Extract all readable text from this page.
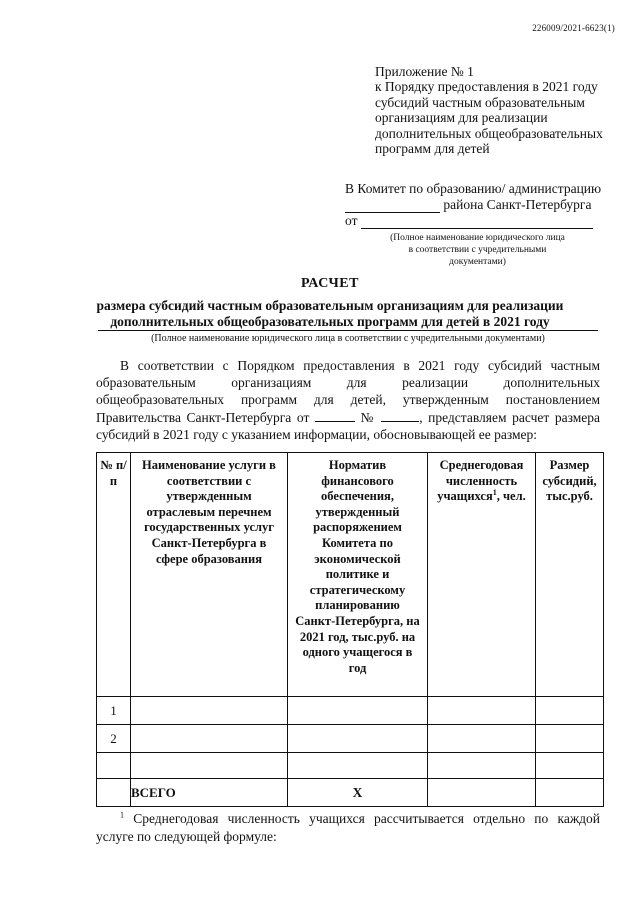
226009/2021-6623(1)
Приложение № 1
к Порядку предоставления в 2021 году
субсидий частным образовательным
организациям для реализации
дополнительных общеобразовательных
программ для детей
В Комитет по образованию/ администрацию
района Санкт-Петербурга
от
(Полное наименование юридического лица в соответствии с учредительными документами)
РАСЧЕТ
размера субсидий частным образовательным организациям для реализации
дополнительных общеобразовательных программ для детей в 2021 году
(Полное наименование юридического лица в соответствии с учредительными документами)
В соответствии с Порядком предоставления в 2021 году субсидий частным образовательным организациям для реализации дополнительных общеобразовательных программ для детей, утвержденным постановлением Правительства Санкт-Петербурга от	№	, представляем расчет размера субсидий в 2021 году с указанием информации, обосновывающей ее размер:
№ п/п	Наименование услуги в соответствии с утвержденным отраслевым перечнем государственных услуг Санкт-Петербурга в сфере образования	Норматив финансового обеспечения, утвержденный распоряжением Комитета по экономической политике и стратегическому планированию Санкт-Петербурга, на 2021 год, тыс.руб. на одного учащегося в год	Среднегодовая численность учащихся$^1$, чел.	Размер субсидий, тыс.руб.

1				
2				

	ВСЕГО	X		
$^1$ Среднегодовая численность учащихся рассчитывается отдельно по каждой услуге по следующей формуле:
